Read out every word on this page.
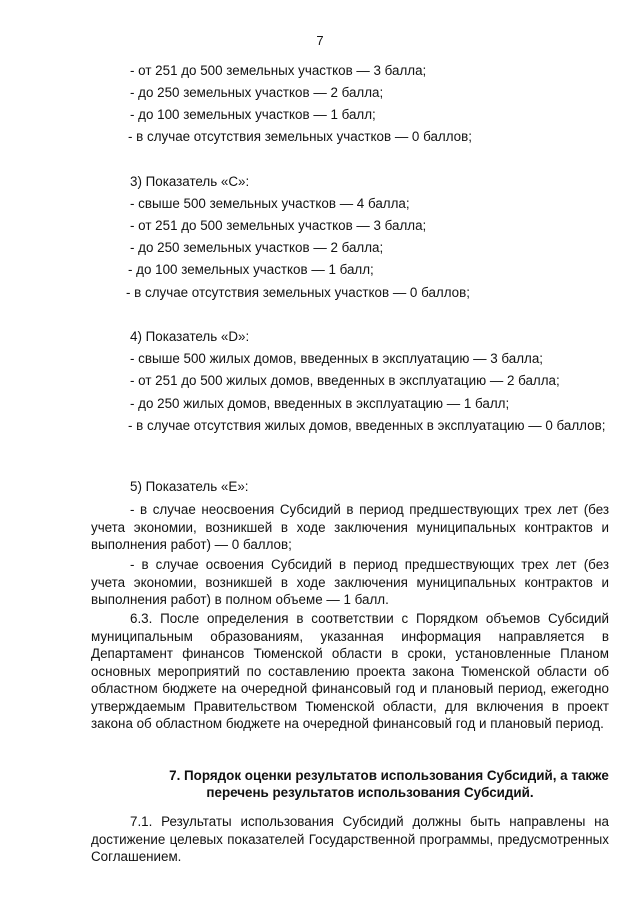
7
- от 251 до 500 земельных участков — 3 балла;
- до 250 земельных участков — 2 балла;
- до 100 земельных участков — 1 балл;
- в случае отсутствия земельных участков — 0 баллов;
3) Показатель «C»:
- свыше 500 земельных участков — 4 балла;
- от 251 до 500 земельных участков — 3 балла;
- до 250 земельных участков — 2 балла;
- до 100 земельных участков — 1 балл;
- в случае отсутствия земельных участков — 0 баллов;
4) Показатель «D»:
- свыше 500 жилых домов, введенных в эксплуатацию — 3 балла;
- от 251 до 500 жилых домов, введенных в эксплуатацию — 2 балла;
- до 250 жилых домов, введенных в эксплуатацию — 1 балл;
- в случае отсутствия жилых домов, введенных в эксплуатацию — 0 баллов;
5) Показатель «E»:
- в случае неосвоения Субсидий в период предшествующих трех лет (без учета экономии, возникшей в ходе заключения муниципальных контрактов и выполнения работ) — 0 баллов;
- в случае освоения Субсидий в период предшествующих трех лет (без учета экономии, возникшей в ходе заключения муниципальных контрактов и выполнения работ) в полном объеме — 1 балл.
6.3. После определения в соответствии с Порядком объемов Субсидий муниципальным образованиям, указанная информация направляется в Департамент финансов Тюменской области в сроки, установленные Планом основных мероприятий по составлению проекта закона Тюменской области об областном бюджете на очередной финансовый год и плановый период, ежегодно утверждаемым Правительством Тюменской области, для включения в проект закона об областном бюджете на очередной финансовый год и плановый период.
7. Порядок оценки результатов использования Субсидий, а также
перечень результатов использования Субсидий.
7.1. Результаты использования Субсидий должны быть направлены на достижение целевых показателей Государственной программы, предусмотренных Соглашением.
